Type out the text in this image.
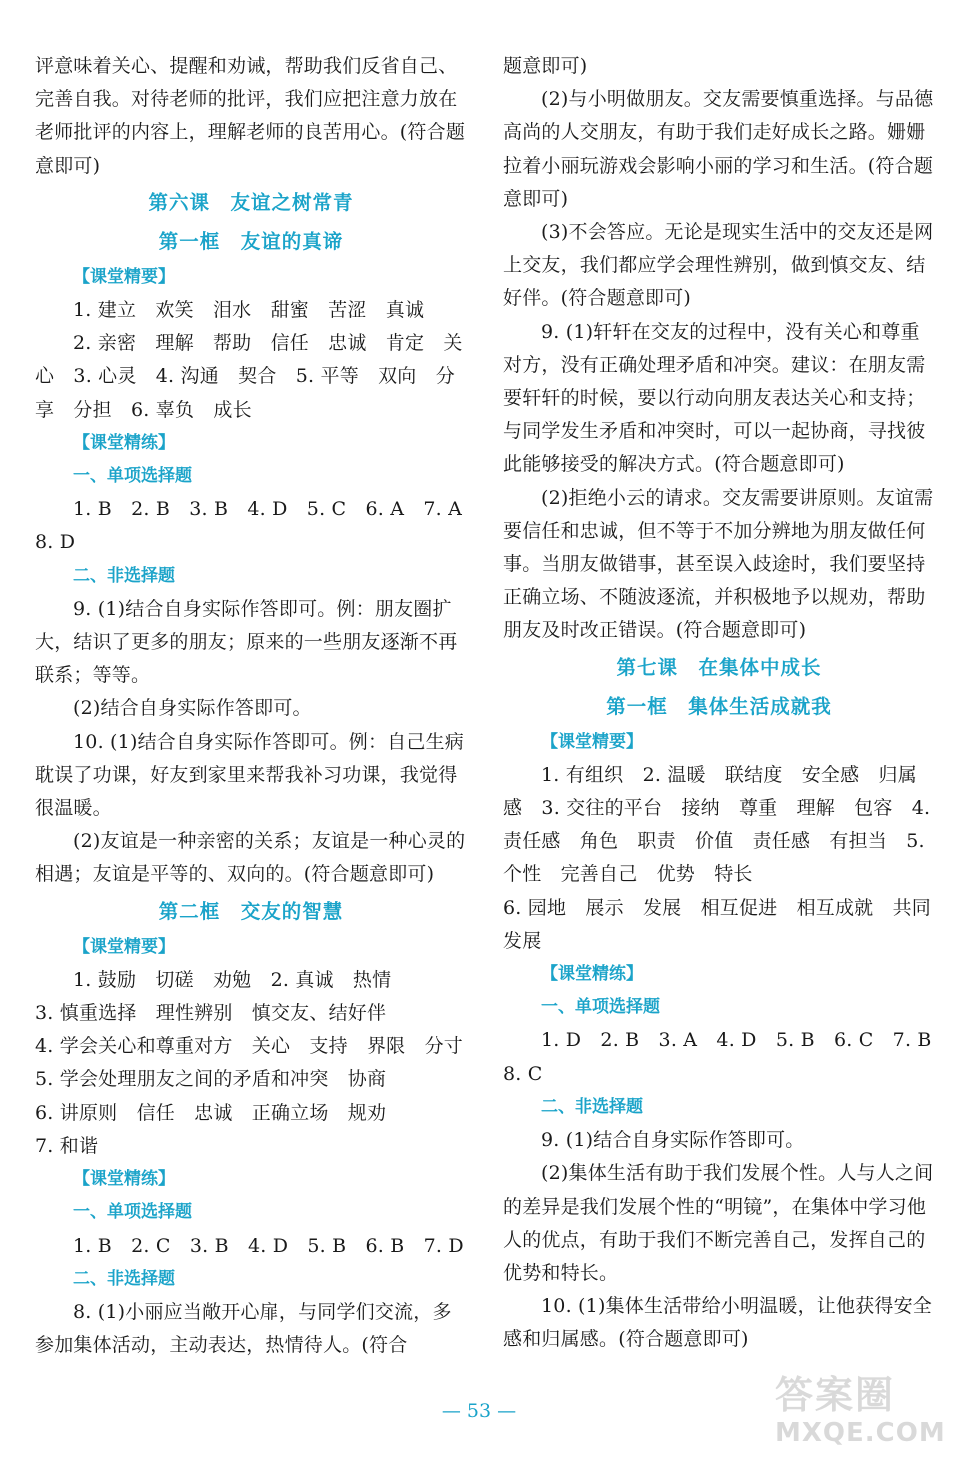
评意味着关心、提醒和劝诫，帮助我们反省自己、完善自我。对待老师的批评，我们应把注意力放在老师批评的内容上，理解老师的良苦用心。(符合题意即可)

第六课　友谊之树常青

第一框　友谊的真谛

【课堂精要】

1. 建立　欢笑　泪水　甜蜜　苦涩　真诚

2. 亲密　理解　帮助　信任　忠诚　肯定　关心　3. 心灵　4. 沟通　契合　5. 平等　双向　分享　分担　6. 辜负　成长

【课堂精练】

一、单项选择题

1. B　2. B　3. B　4. D　5. C　6. A　7. A　8. D

二、非选择题

9. (1)结合自身实际作答即可。例：朋友圈扩大，结识了更多的朋友；原来的一些朋友逐渐不再联系；等等。

(2)结合自身实际作答即可。

10. (1)结合自身实际作答即可。例：自己生病耽误了功课，好友到家里来帮我补习功课，我觉得很温暖。

(2)友谊是一种亲密的关系；友谊是一种心灵的相遇；友谊是平等的、双向的。(符合题意即可)

第二框　交友的智慧

【课堂精要】

1. 鼓励　切磋　劝勉　2. 真诚　热情

3. 慎重选择　理性辨别　慎交友、结好伴

4. 学会关心和尊重对方　关心　支持　界限　分寸

5. 学会处理朋友之间的矛盾和冲突　协商

6. 讲原则　信任　忠诚　正确立场　规劝

7. 和谐

【课堂精练】

一、单项选择题

1. B　2. C　3. B　4. D　5. B　6. B　7. D

二、非选择题

8. (1)小丽应当敞开心扉，与同学们交流，多参加集体活动，主动表达，热情待人。(符合

题意即可)

(2)与小明做朋友。交友需要慎重选择。与品德高尚的人交朋友，有助于我们走好成长之路。姗姗拉着小丽玩游戏会影响小丽的学习和生活。(符合题意即可)

(3)不会答应。无论是现实生活中的交友还是网上交友，我们都应学会理性辨别，做到慎交友、结好伴。(符合题意即可)

9. (1)轩轩在交友的过程中，没有关心和尊重对方，没有正确处理矛盾和冲突。建议：在朋友需要轩轩的时候，要以行动向朋友表达关心和支持；与同学发生矛盾和冲突时，可以一起协商，寻找彼此能够接受的解决方式。(符合题意即可)

(2)拒绝小云的请求。交友需要讲原则。友谊需要信任和忠诚，但不等于不加分辨地为朋友做任何事。当朋友做错事，甚至误入歧途时，我们要坚持正确立场、不随波逐流，并积极地予以规劝，帮助朋友及时改正错误。(符合题意即可)

第七课　在集体中成长

第一框　集体生活成就我

【课堂精要】

1. 有组织　2. 温暖　联结度　安全感　归属感　3. 交往的平台　接纳　尊重　理解　包容　4. 责任感　角色　职责　价值　责任感　有担当　5. 个性　完善自己　优势　特长

6. 园地　展示　发展　相互促进　相互成就　共同发展

【课堂精练】

一、单项选择题

1. D　2. B　3. A　4. D　5. B　6. C　7. B　8. C

二、非选择题

9. (1)结合自身实际作答即可。

(2)集体生活有助于我们发展个性。人与人之间的差异是我们发展个性的“明镜”，在集体中学习他人的优点，有助于我们不断完善自己，发挥自己的优势和特长。

10. (1)集体生活带给小明温暖，让他获得安全感和归属感。(符合题意即可)

— 53 —	答案圈
MXQE.COM
